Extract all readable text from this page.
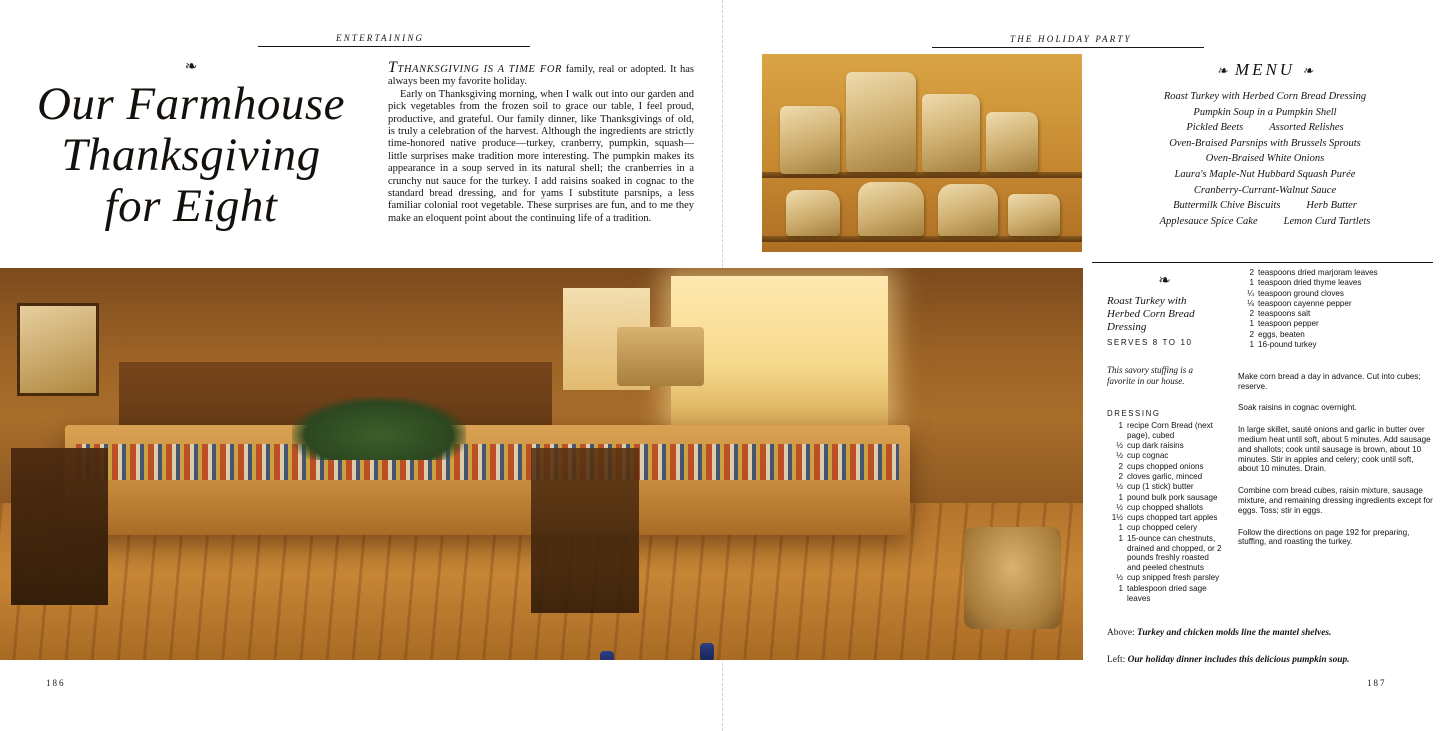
ENTERTAINING	THE HOLIDAY PARTY
❧
Our Farmhouse
Thanksgiving
for Eight

TTHANKSGIVING IS A TIME FOR family, real or adopted. It has always been my favorite holiday.

Early on Thanksgiving morning, when I walk out into our garden and pick vegetables from the frozen soil to grace our table, I feel proud, productive, and grateful. Our family dinner, like Thanksgivings of old, is truly a celebration of the harvest. Although the ingredients are strictly time-honored native produce—turkey, cranberry, pumpkin, squash—little surprises make tradition more interesting. The pumpkin makes its appearance in a soup served in its natural shell; the cranberries in a crunchy nut sauce for the turkey. I add raisins soaked in cognac to the standard bread dressing, and for yams I substitute parsnips, a less familiar colonial root vegetable. These surprises are fun, and to me they make an eloquent point about the continuing life of a tradition.

❧ MENU ❧
Roast Turkey with Herbed Corn Bread Dressing
Pumpkin Soup in a Pumpkin Shell
Pickled Beets Assorted Relishes
Oven-Braised Parsnips with Brussels Sprouts
Oven-Braised White Onions
Laura's Maple-Nut Hubbard Squash Purée
Cranberry-Currant-Walnut Sauce
Buttermilk Chive Biscuits Herb Butter
Applesauce Spice Cake Lemon Curd Tartlets
❧
Roast Turkey with Herbed Corn Bread Dressing
SERVES 8 TO 10
This savory stuffing is a favorite in our house.
DRESSING
1 recipe Corn Bread (next page), cubed
½ cup dark raisins
½ cup cognac
2 cups chopped onions
2 cloves garlic, minced
½ cup (1 stick) butter
1 pound bulk pork sausage
½ cup chopped shallots
1½ cups chopped tart apples
1 cup chopped celery
1 15-ounce can chestnuts, drained and chopped, or 2 pounds freshly roasted and peeled chestnuts
½ cup snipped fresh parsley
1 tablespoon dried sage leaves
2 teaspoons dried marjoram leaves
1 teaspoon dried thyme leaves
¼ teaspoon ground cloves
⅛ teaspoon cayenne pepper
2 teaspoons salt
1 teaspoon pepper
2 eggs, beaten
1 16-pound turkey
Make corn bread a day in advance. Cut into cubes; reserve.
Soak raisins in cognac overnight.
In large skillet, sauté onions and garlic in butter over medium heat until soft, about 5 minutes. Add sausage and shallots; cook until sausage is brown, about 10 minutes. Stir in apples and celery; cook until soft, about 10 minutes. Drain.
Combine corn bread cubes, raisin mixture, sausage mixture, and remaining dressing ingredients except for eggs. Toss; stir in eggs.
Follow the directions on page 192 for preparing, stuffing, and roasting the turkey.
Above: Turkey and chicken molds line the mantel shelves.
Left: Our holiday dinner includes this delicious pumpkin soup.
186	187
